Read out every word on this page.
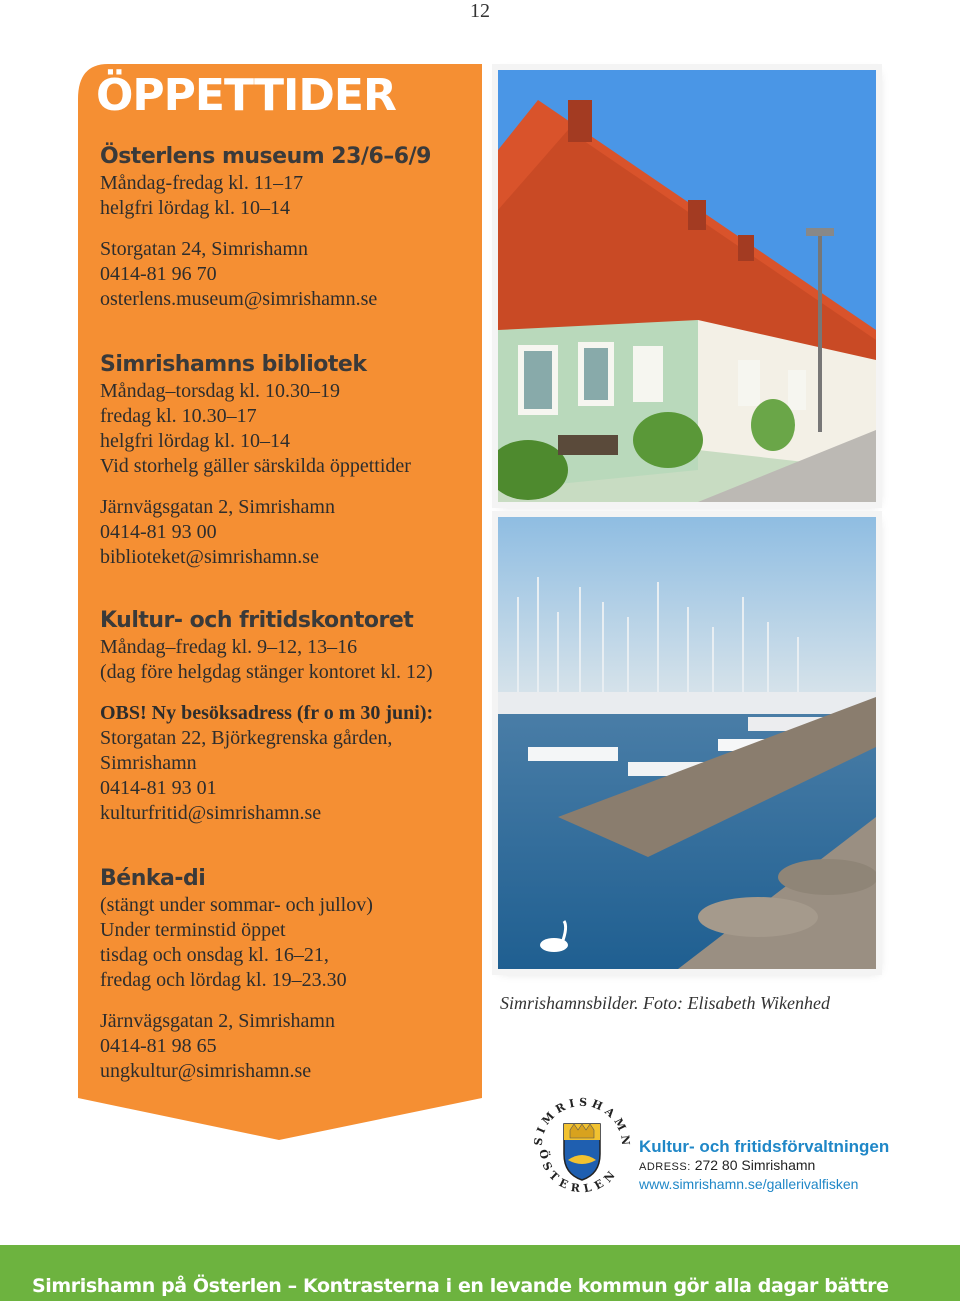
12
ÖPPETTIDER
Österlens museum 23/6–6/9
Måndag-fredag kl. 11–17
helgfri lördag kl. 10–14
Storgatan 24, Simrishamn
0414-81 96 70
osterlens.museum@simrishamn.se
Simrishamns bibliotek
Måndag–torsdag kl. 10.30–19
fredag kl. 10.30–17
helgfri lördag kl. 10–14
Vid storhelg gäller särskilda öppettider
Järnvägsgatan 2, Simrishamn
0414-81 93 00
biblioteket@simrishamn.se
Kultur- och fritidskontoret
Måndag–fredag kl. 9–12, 13–16
(dag före helgdag stänger kontoret kl. 12)
OBS! Ny besöksadress (fr o m 30 juni):
Storgatan 22, Björkegrenska gården,
Simrishamn
0414-81 93 01
kulturfritid@simrishamn.se
Bénka-di
(stängt under sommar- och jullov)
Under terminstid öppet
tisdag och onsdag kl. 16–21,
fredag och lördag kl. 19–23.30
Järnvägsgatan 2, Simrishamn
0414-81 98 65
ungkultur@simrishamn.se
Simrishamnsbilder. Foto: Elisabeth Wikenhed
SIMRISHAMN
ÖSTERLEN
Kultur- och fritidsförvaltningen
ADRESS: 272 80 Simrishamn
www.simrishamn.se/gallerivalfisken
Simrishamn på Österlen – Kontrasterna i en levande kommun gör alla dagar bättre
